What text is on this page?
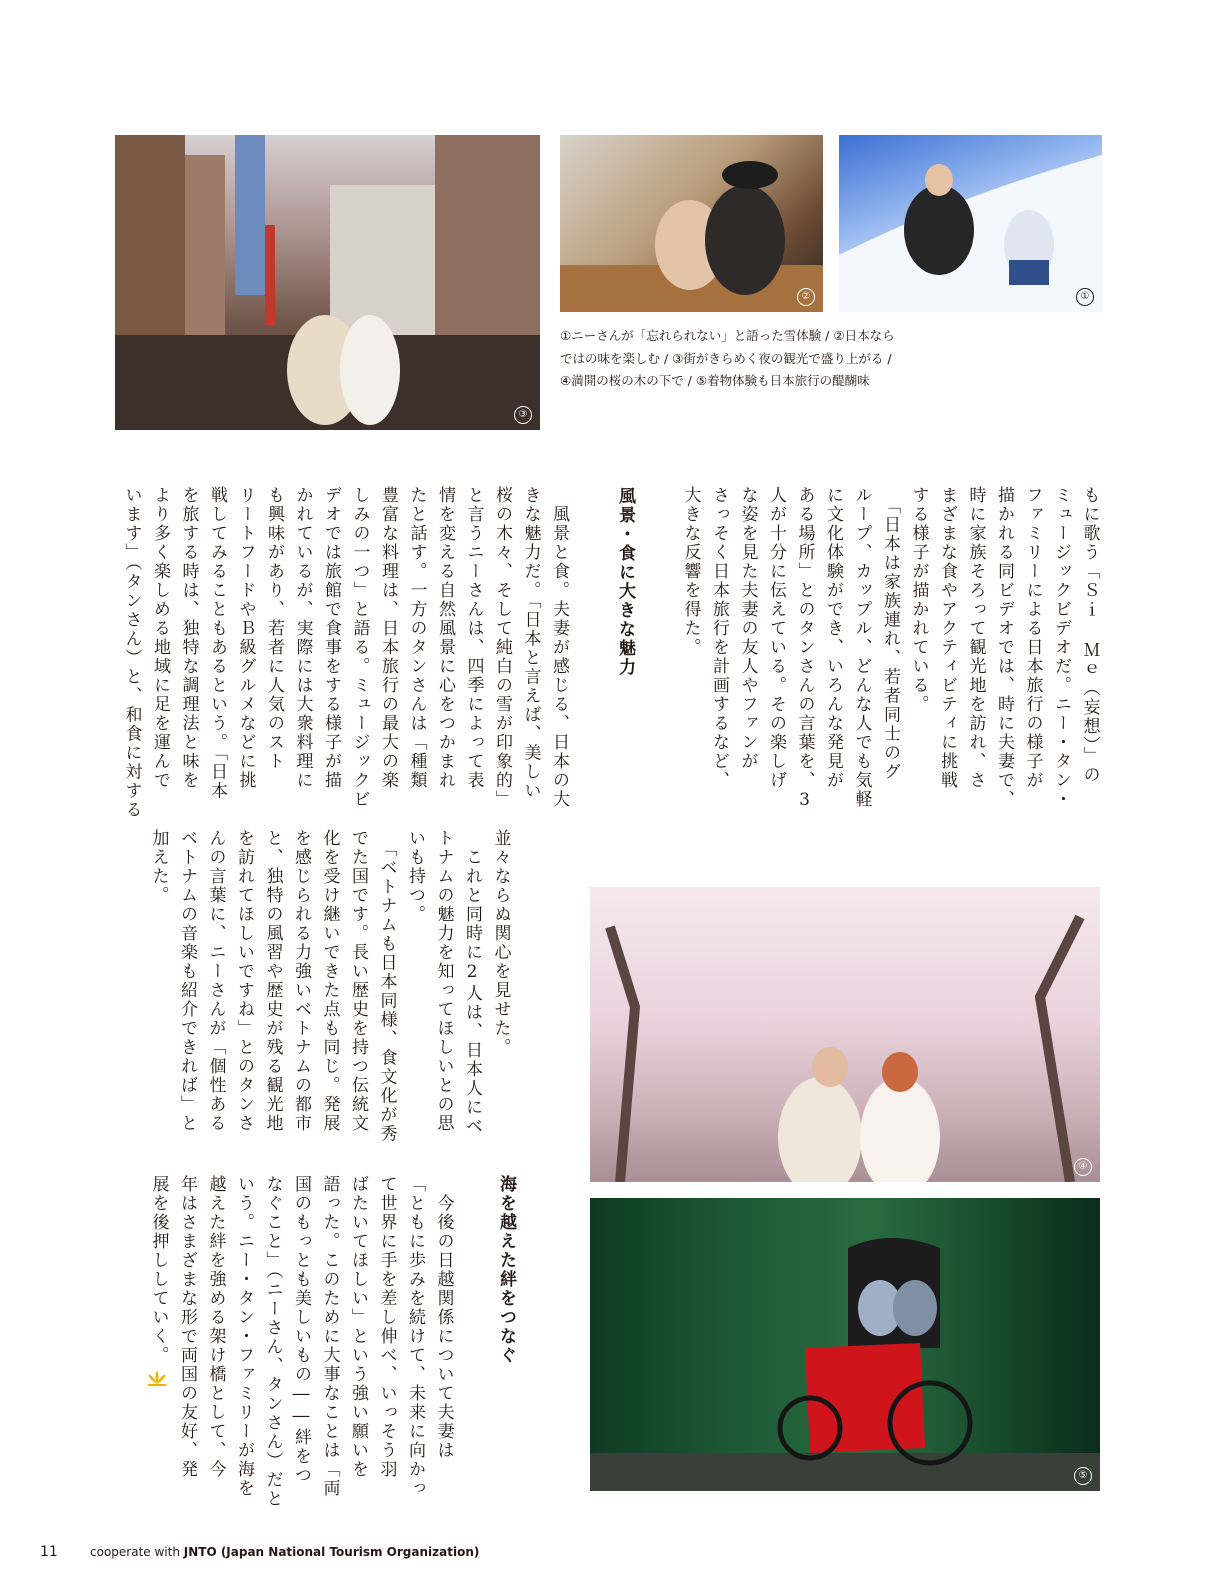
③
②	①
④
⑤
①ニーさんが「忘れられない」と語った雪体験 / ②日本ならではの味を楽しむ / ③街がきらめく夜の観光で盛り上がる / ④満開の桜の木の下で / ⑤着物体験も日本旅行の醍醐味
もに歌う「Ｓｉ Ｍｅ（妄想）」の
ミュージックビデオだ。ニー・タン・
ファミリーによる日本旅行の様子が
描かれる同ビデオでは、時に夫妻で、
時に家族そろって観光地を訪れ、さ
まざまな食やアクティビティに挑戦
する様子が描かれている。
　「日本は家族連れ、若者同士のグ
ループ、カップル、どんな人でも気軽
に文化体験ができ、いろんな発見が
ある場所」とのタンさんの言葉を、3
人が十分に伝えている。その楽しげ
な姿を見た夫妻の友人やファンが
さっそく日本旅行を計画するなど、
大きな反響を得た。
風景・食に大きな魅力
　風景と食。夫妻が感じる、日本の大
きな魅力だ。「日本と言えば、美しい
桜の木々、そして純白の雪が印象的」
と言うニーさんは、四季によって表
情を変える自然風景に心をつかまれ
たと話す。一方のタンさんは「種類
豊富な料理は、日本旅行の最大の楽
しみの一つ」と語る。ミュージックビ
デオでは旅館で食事をする様子が描
かれているが、実際には大衆料理に
も興味があり、若者に人気のスト
リートフードやＢ級グルメなどに挑
戦してみることもあるという。「日本
を旅する時は、独特な調理法と味を
より多く楽しめる地域に足を運んで
います」（タンさん）と、和食に対する
並々ならぬ関心を見せた。
　これと同時に2人は、日本人にベ
トナムの魅力を知ってほしいとの思
いも持つ。
　「ベトナムも日本同様、食文化が秀
でた国です。長い歴史を持つ伝統文
化を受け継いできた点も同じ。発展
を感じられる力強いベトナムの都市
と、独特の風習や歴史が残る観光地
を訪れてほしいですね」とのタンさ
んの言葉に、ニーさんが「個性ある
ベトナムの音楽も紹介できれば」と
加えた。
海を越えた絆をつなぐ
　今後の日越関係について夫妻は
「ともに歩みを続けて、未来に向かっ
て世界に手を差し伸べ、いっそう羽
ばたいてほしい」という強い願いを
語った。このために大事なことは「両
国のもっとも美しいもの――絆をつ
なぐこと」（ニーさん、タンさん）だと
いう。ニー・タン・ファミリーが海を
越えた絆を強める架け橋として、今
年はさまざまな形で両国の友好、発
展を後押ししていく。
11	cooperate with JNTO (Japan National Tourism Organization)
